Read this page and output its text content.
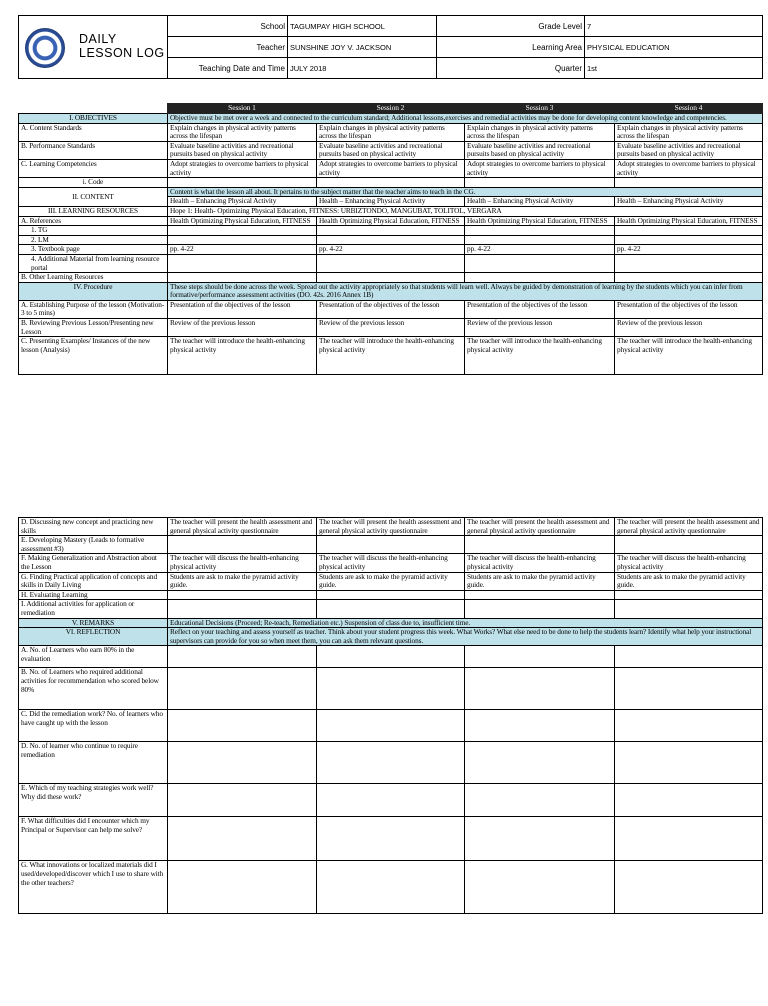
DAILY
LESSON LOG	School	TAGUMPAY HIGH SCHOOL	Grade Level	7
	Teacher	SUNSHINE JOY V. JACKSON	Learning Area	PHYSICAL EDUCATION
	Teaching Date and Time	JULY 2018	Quarter	1st
	Session 1	Session 2	Session 3	Session 4
I. OBJECTIVES	Objective must be met over a week and connected to the curriculum standard; Additional lessons,exercises and remedial activities may be done for developing content knowledge and competencies.			
A. Content Standards	Explain changes in physical activity patterns across the lifespan	Explain changes in physical activity patterns across the lifespan	Explain changes in physical activity patterns across the lifespan	Explain changes in physical activity patterns across the lifespan
B. Performance Standards	Evaluate baseline activities and recreational pursuits based on physical activity	Evaluate baseline activities and recreational pursuits based on physical activity	Evaluate baseline activities and recreational pursuits based on physical activity	Evaluate baseline activities and recreational pursuits based on physical activity
C. Learning Competencies	Adopt strategies to overcome barriers to physical activity	Adopt strategies to overcome barriers to physical activity	Adopt strategies to overcome barriers to physical activity	Adopt strategies to overcome barriers to physical activity
i. Code				
II. CONTENT	Content is what the lesson all about. It pertains to the subject matter that the teacher aims to teach in the CG.			
	Health – Enhancing Physical Activity	Health – Enhancing Physical Activity	Health – Enhancing Physical Activity	Health – Enhancing Physical Activity
III. LEARNING RESOURCES	Hope 1: Health- Optimizing Physical Education, FITNESS: URBIZTONDO, MANGUBAT, TOLITOL, VERGARA			
A. References	Health Optimizing Physical Education, FITNESS	Health Optimizing Physical Education, FITNESS	Health Optimizing Physical Education, FITNESS	Health Optimizing Physical Education, FITNESS
1. TG				
2. LM				
3. Textbook page	pp. 4-22	pp. 4-22	pp. 4-22	pp. 4-22
4. Additional Material from learning resource portal				
B. Other Learning Resources				
IV. Procedure	These steps should be done across the week. Spread out the activity appropriately so that students will learn well. Always be guided by demonstration of learning by the students which you can infer from formative/performance assessment activities (DO. 42s. 2016 Annex 1B)			
A. Establishing Purpose of the lesson (Motivation- 3 to 5 mins)	Presentation of the objectives of the lesson	Presentation of the objectives of the lesson	Presentation of the objectives of the lesson	Presentation of the objectives of the lesson
B. Reviewing Previous Lesson/Presenting new Lesson	Review of the previous lesson	Review of the previous lesson	Review of the previous lesson	Review of the previous lesson
C. Presenting Examples/ Instances of the new lesson (Analysis)	The teacher will introduce the health-enhancing physical activity	The teacher will introduce the health-enhancing physical activity	The teacher will introduce the health-enhancing physical activity	The teacher will introduce the health-enhancing physical activity
D. Discussing new concept and practicing new skills	The teacher will present the health assessment and general physical activity questionnaire	The teacher will present the health assessment and general physical activity questionnaire	The teacher will present the health assessment and general physical activity questionnaire	The teacher will present the health assessment and general physical activity questionnaire
E. Developing Mastery (Leads to formative assessment #3)				
F. Making Generalization and Abstraction about the Lesson	The teacher will discuss the health-enhancing physical activity	The teacher will discuss the health-enhancing physical activity	The teacher will discuss the health-enhancing physical activity	The teacher will discuss the health-enhancing physical activity
G. Finding Practical application of concepts and skills in Daily Living	Students are ask to make the pyramid activity guide.	Students are ask to make the pyramid activity guide.	Students are ask to make the pyramid activity guide.	Students are ask to make the pyramid activity guide.
H. Evaluating Learning				
I. Additional activities for application or remediation				
V. REMARKS	Educational Decisions (Proceed; Re-teach, Remediation etc.) Suspension of class due to, insufficient time.			
VI. REFLECTION	Reflect on your teaching and assess yourself as teacher. Think about your student progress this week. What Works? What else need to be done to help the students learn? Identify what help your instructional supervisors can provide for you so when meet them, you can ask them relevant questions.			
A. No. of Learners who earn 80% in the evaluation				
B. No. of Learners who required additional activities for recommendation who scored below 80%				
C. Did the remediation work? No. of learners who have caught up with the lesson				
D. No. of learner who continue to require remediation				
E. Which of my teaching strategies work well? Why did these work?				
F. What difficulties did I encounter which my Principal or Supervisor can help me solve?				
G. What innovations or localized materials did I used/developed/discover which I use to share with the other teachers?				
